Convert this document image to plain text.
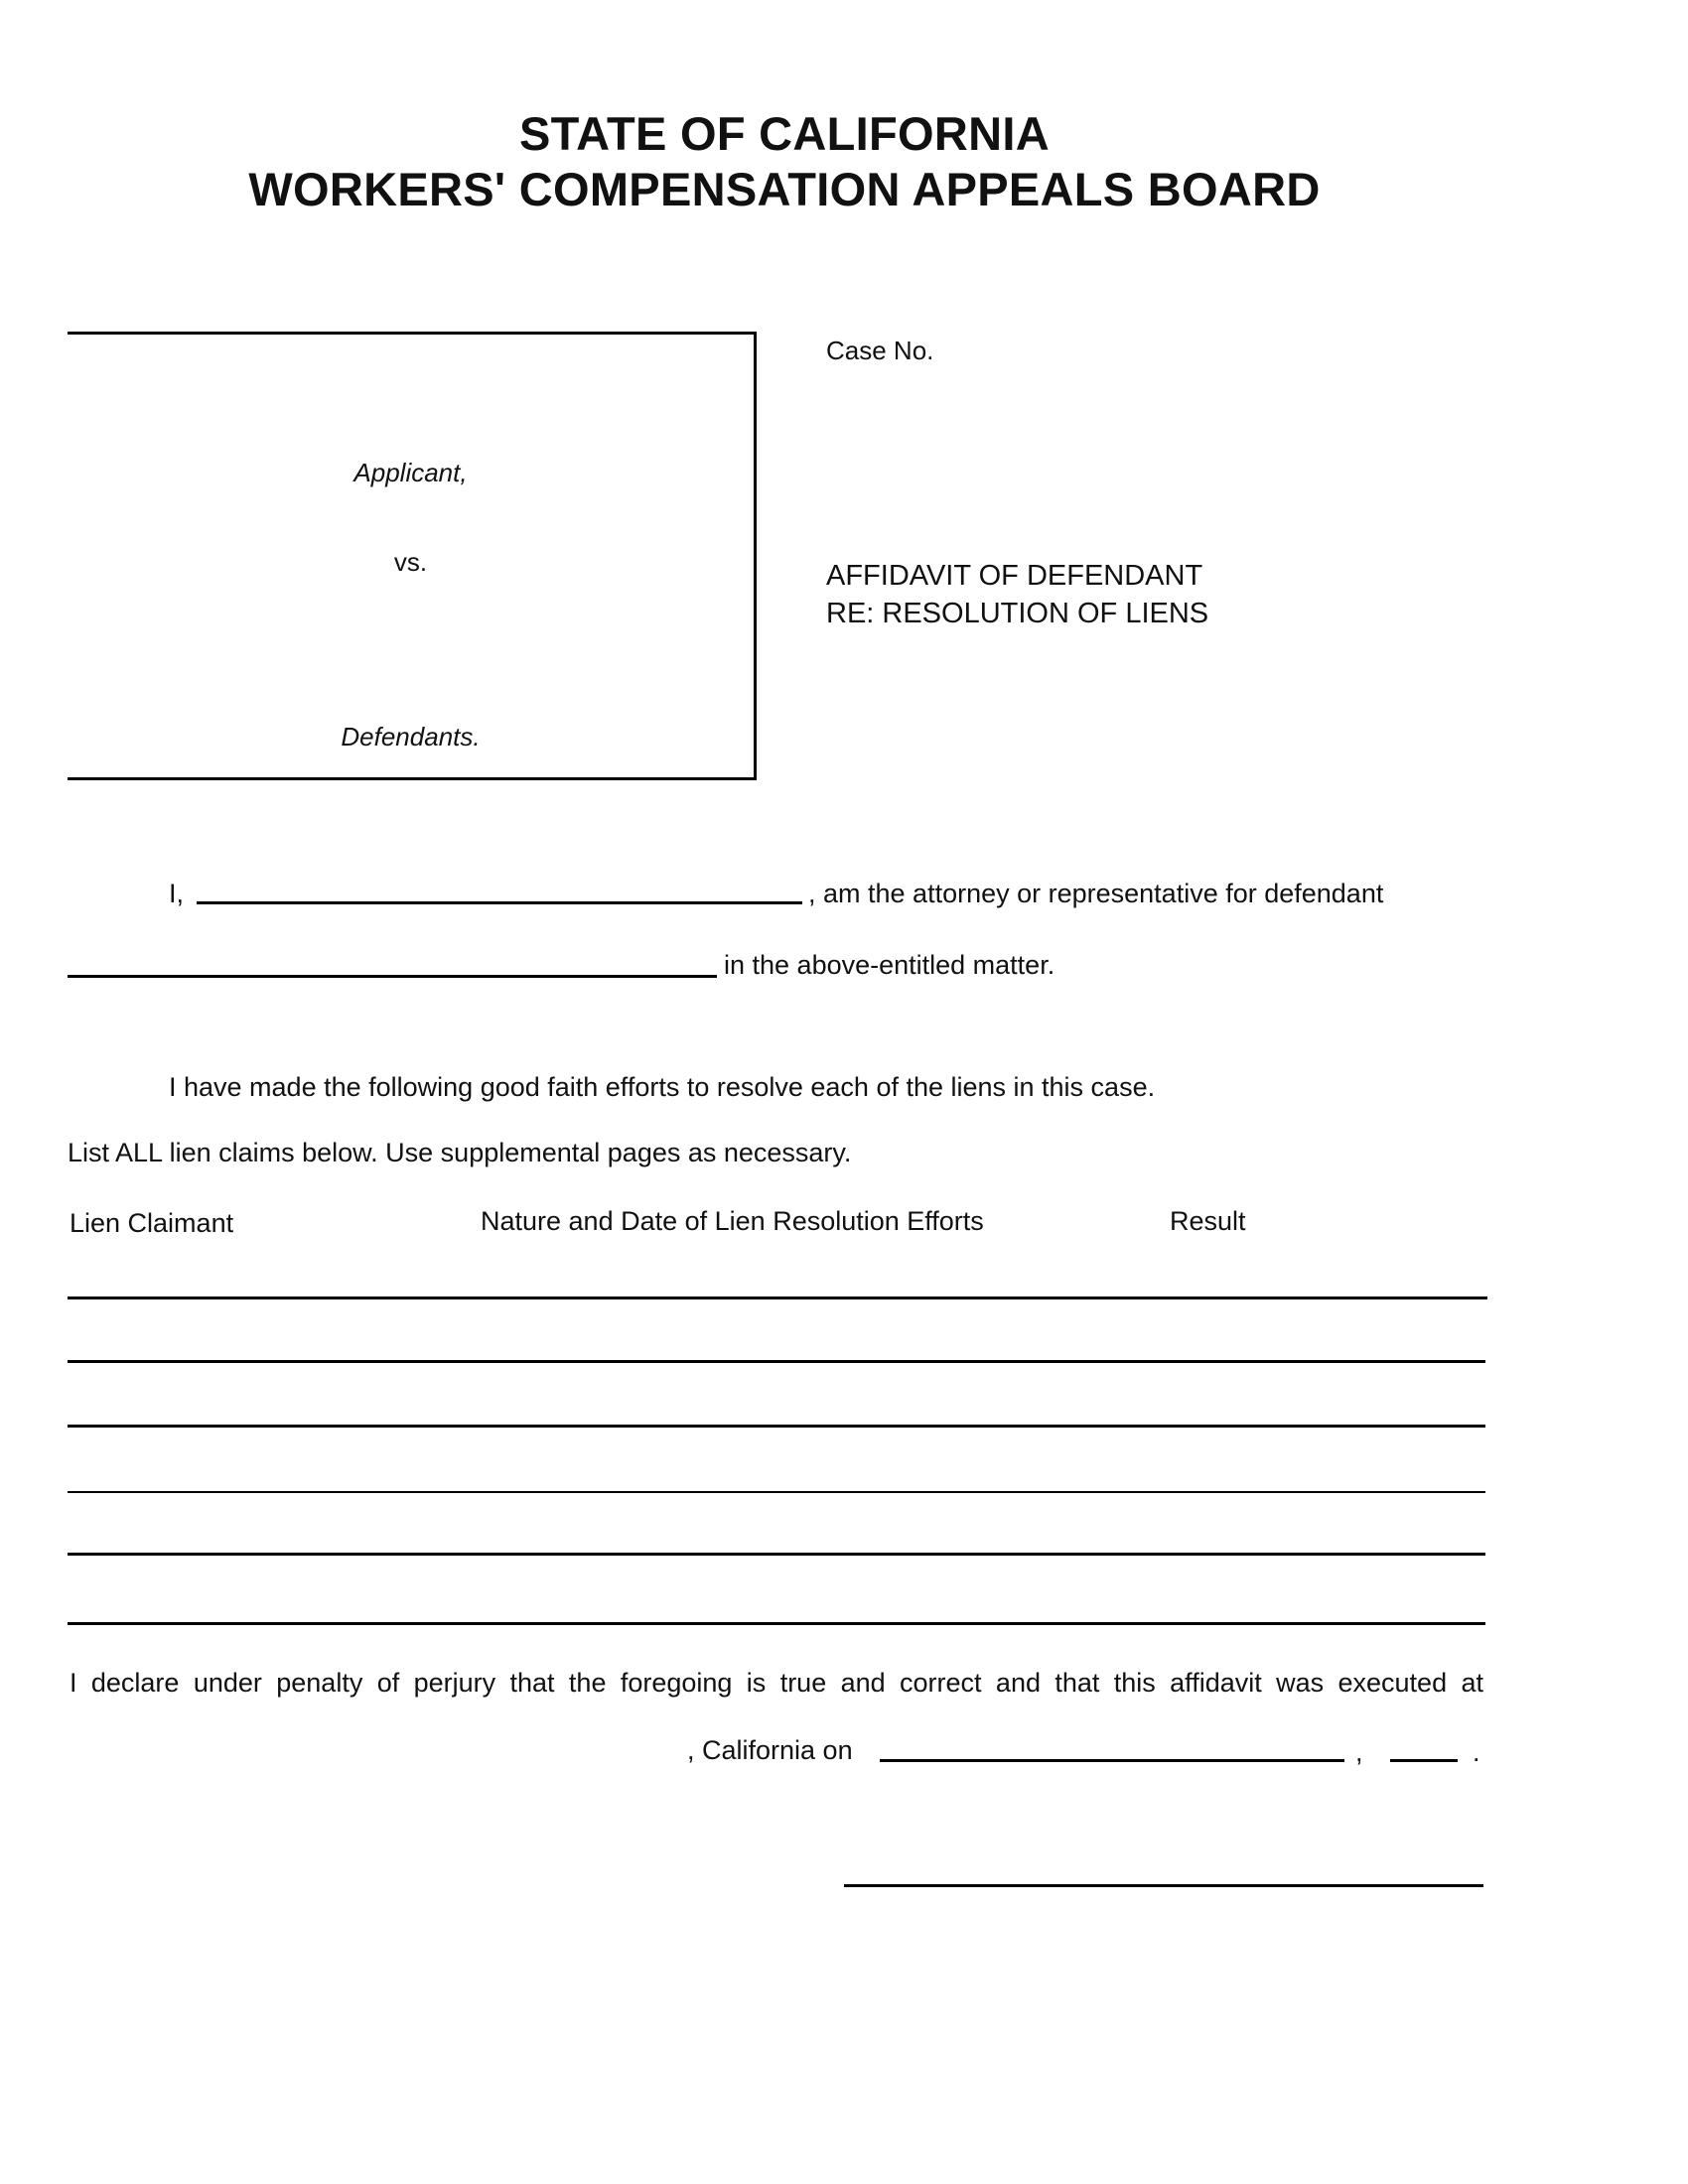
STATE OF CALIFORNIA
WORKERS' COMPENSATION APPEALS BOARD
Applicant,
vs.
Defendants.
Case No.
AFFIDAVIT OF DEFENDANT
RE: RESOLUTION OF LIENS
I,	, am the attorney or representative for defendant
in the above-entitled matter.
I have made the following good faith efforts to resolve each of the liens in this case.
List ALL lien claims below. Use supplemental pages as necessary.
Lien Claimant	Nature and Date of Lien Resolution Efforts	Result
I declare under penalty of perjury that the foregoing is true and correct and that this affidavit was executed at
, California on	,	.
